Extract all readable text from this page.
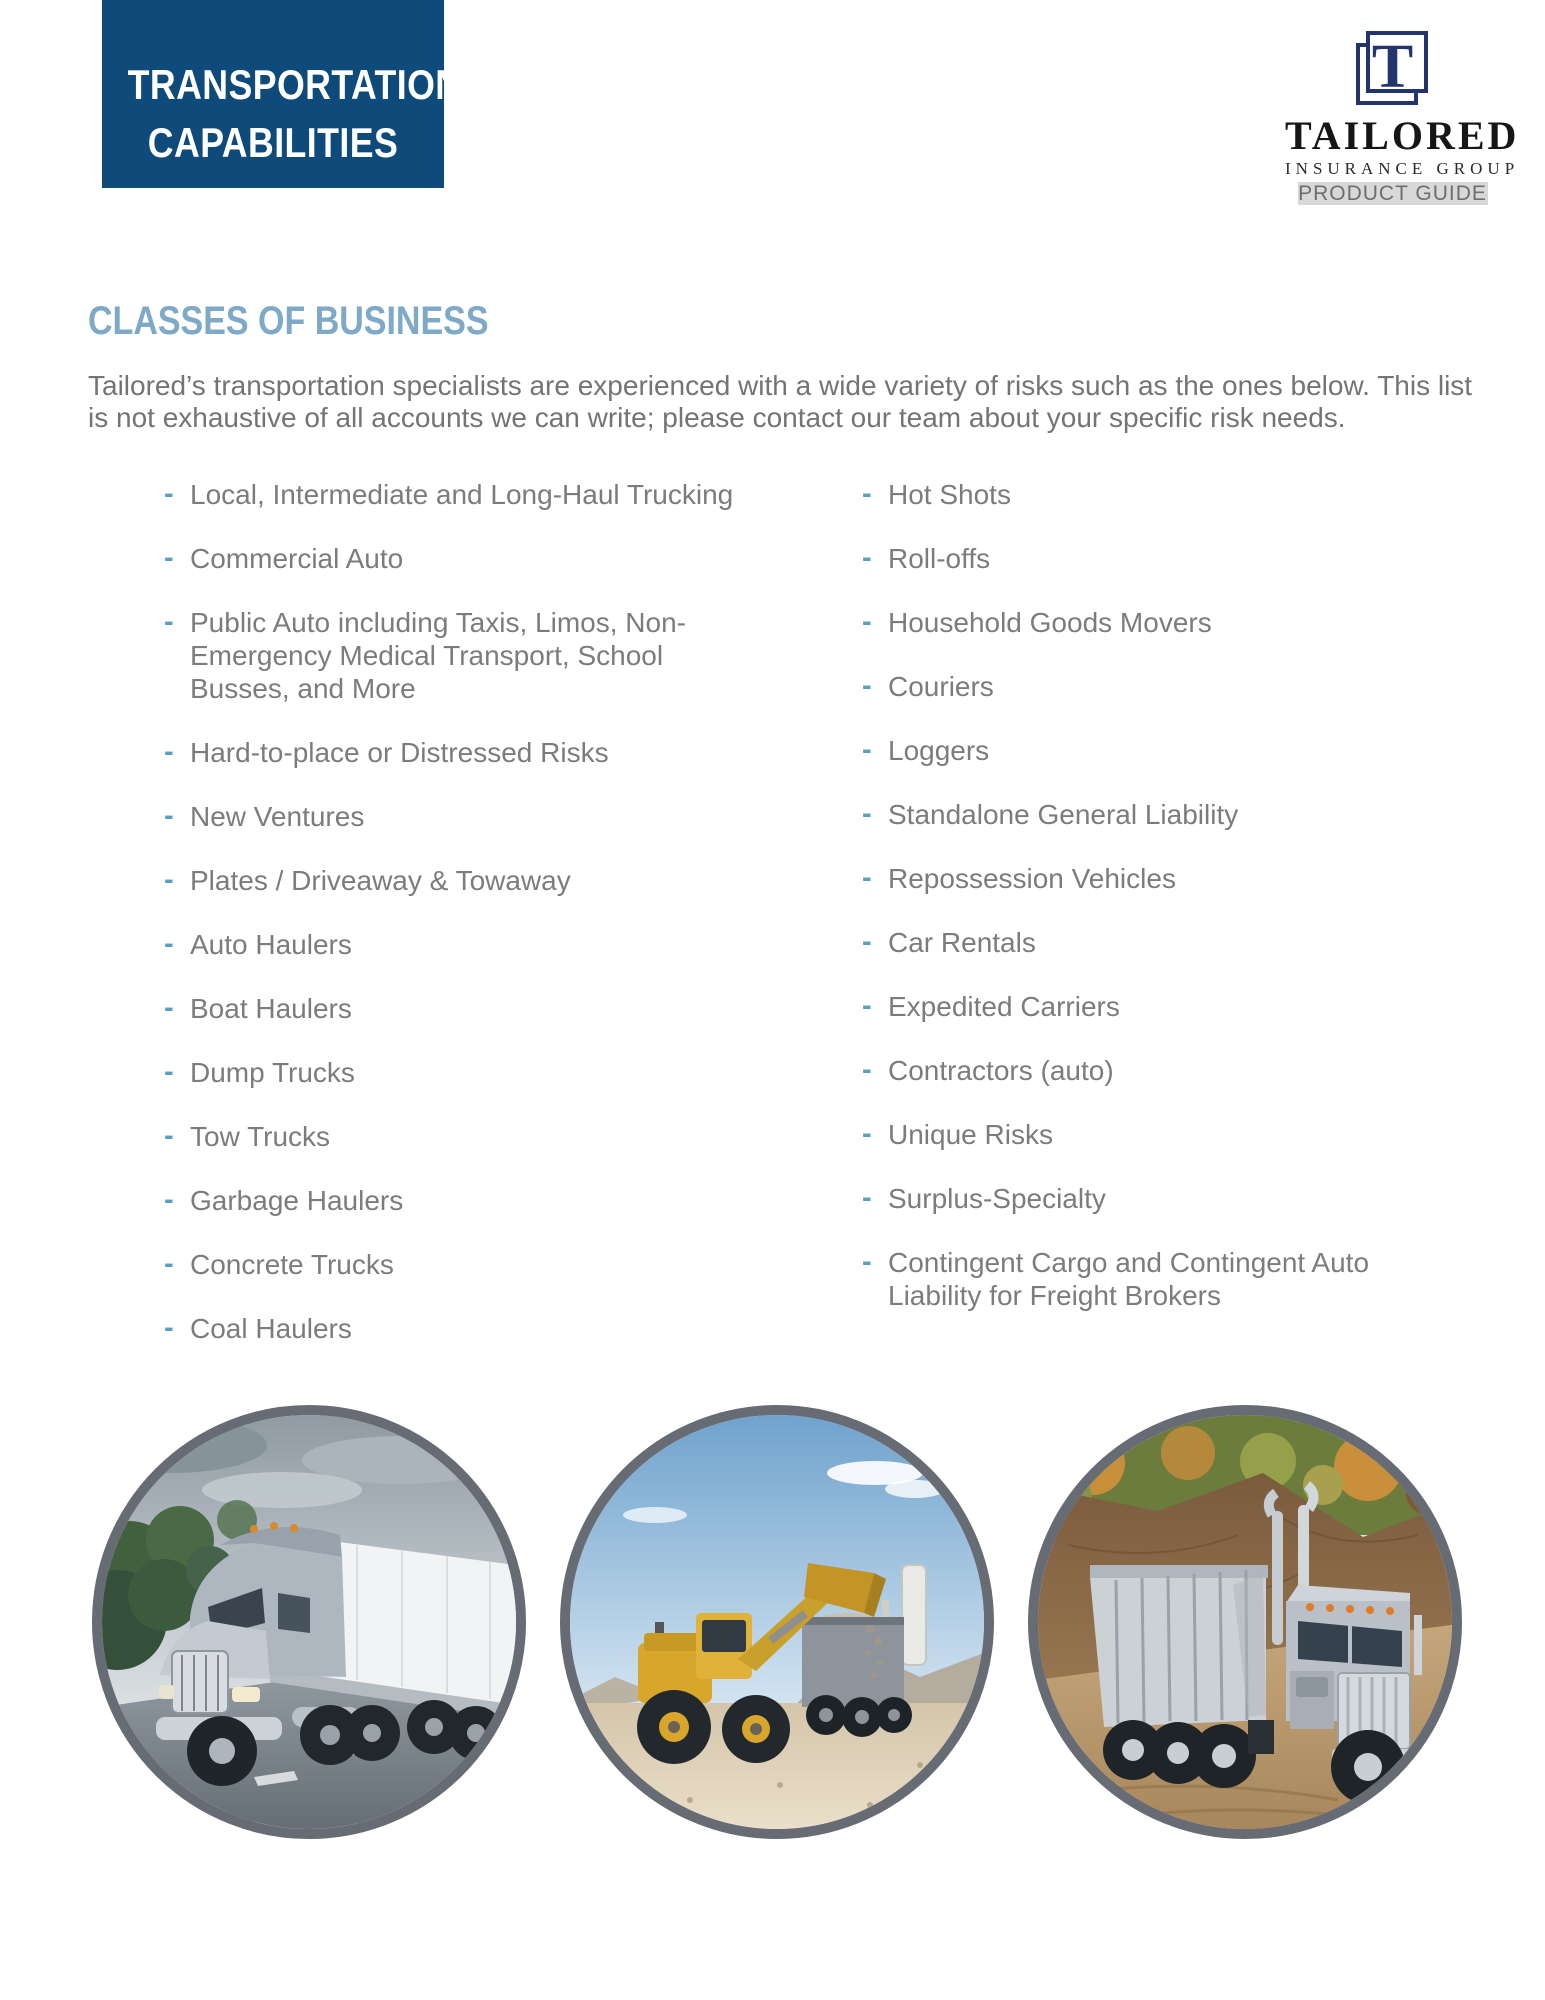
TRANSPORTATION
CAPABILITIES
T
TAILORED
INSURANCE GROUP
PRODUCT GUIDE
CLASSES OF BUSINESS

Tailored’s transportation specialists are experienced with a wide variety of risks such as the ones below. This list is not exhaustive of all accounts we can write; please contact our team about your specific risk needs.

- Local, Intermediate and Long-Haul Trucking
- Commercial Auto
- Public Auto including Taxis, Limos, Non-Emergency Medical Transport, School Busses, and More
- Hard-to-place or Distressed Risks
- New Ventures
- Plates / Driveaway & Towaway
- Auto Haulers
- Boat Haulers
- Dump Trucks
- Tow Trucks
- Garbage Haulers
- Concrete Trucks
- Coal Haulers
- Hot Shots
- Roll-offs
- Household Goods Movers
- Couriers
- Loggers
- Standalone General Liability
- Repossession Vehicles
- Car Rentals
- Expedited Carriers
- Contractors (auto)
- Unique Risks
- Surplus-Specialty
- Contingent Cargo and Contingent Auto Liability for Freight Brokers
